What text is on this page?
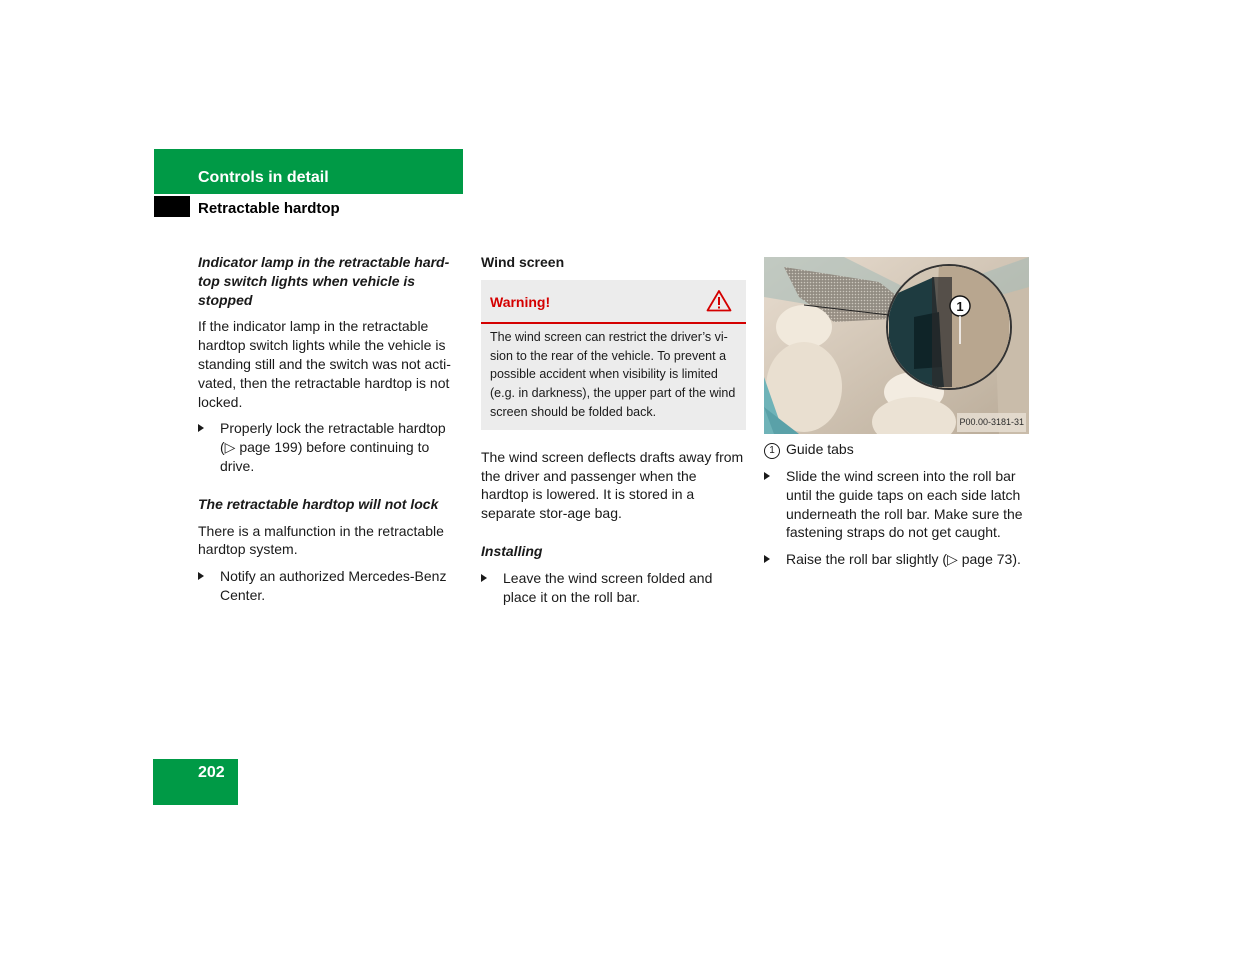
Controls in detail
Retractable hardtop
Indicator lamp in the retractable hard-top switch lights when vehicle is stopped

If the indicator lamp in the retractable hardtop switch lights while the vehicle is standing still and the switch was not acti-vated, then the retractable hardtop is not locked.

Properly lock the retractable hardtop (▷ page 199) before continuing to drive.
The retractable hardtop will not lock

There is a malfunction in the retractable hardtop system.

Notify an authorized Mercedes-Benz Center.
Wind screen
Warning!
The wind screen can restrict the driver’s vi-sion to the rear of the vehicle. To prevent a possible accident when visibility is limited (e.g. in darkness), the upper part of the wind screen should be folded back.

The wind screen deflects drafts away from the driver and passenger when the hardtop is lowered. It is stored in a separate stor-age bag.

Installing
Leave the wind screen folded and place it on the roll bar.
1
P00.00-3181-31
1 Guide tabs
Slide the wind screen into the roll bar until the guide taps on each side latch underneath the roll bar. Make sure the fastening straps do not get caught.
Raise the roll bar slightly (▷ page 73).
202
